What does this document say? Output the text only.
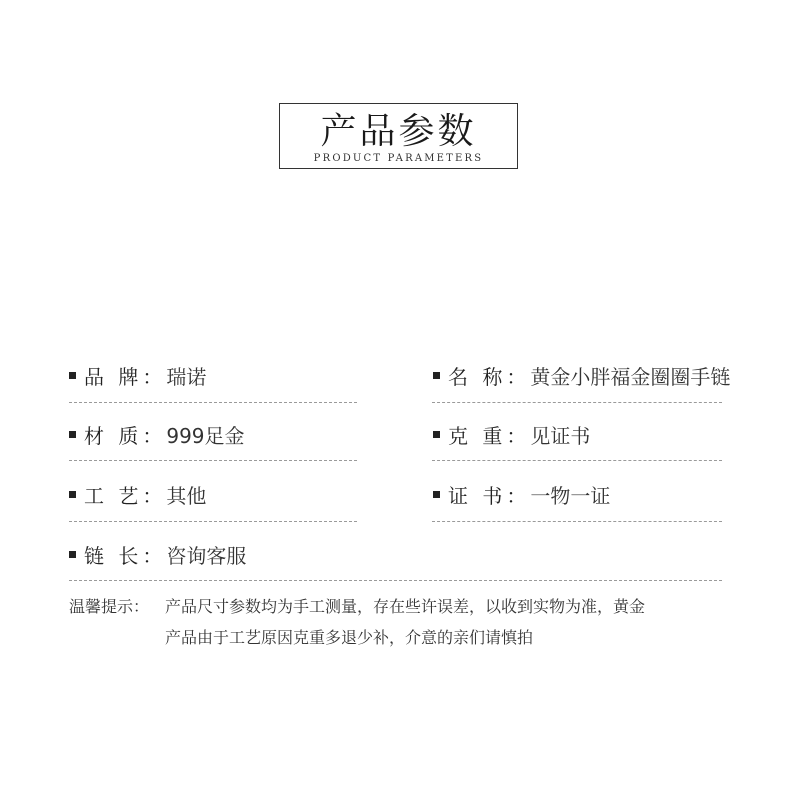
产品参数
PRODUCT PARAMETERS
品 牌： 瑞诺	名 称： 黄金小胖福金圈圈手链
材 质： 999足金	克 重： 见证书
工 艺： 其他	证 书： 一物一证
链 长： 咨询客服
温馨提示： 产品尺寸参数均为手工测量，存在些许误差，以收到实物为准，黄金
产品由于工艺原因克重多退少补，介意的亲们请慎拍
